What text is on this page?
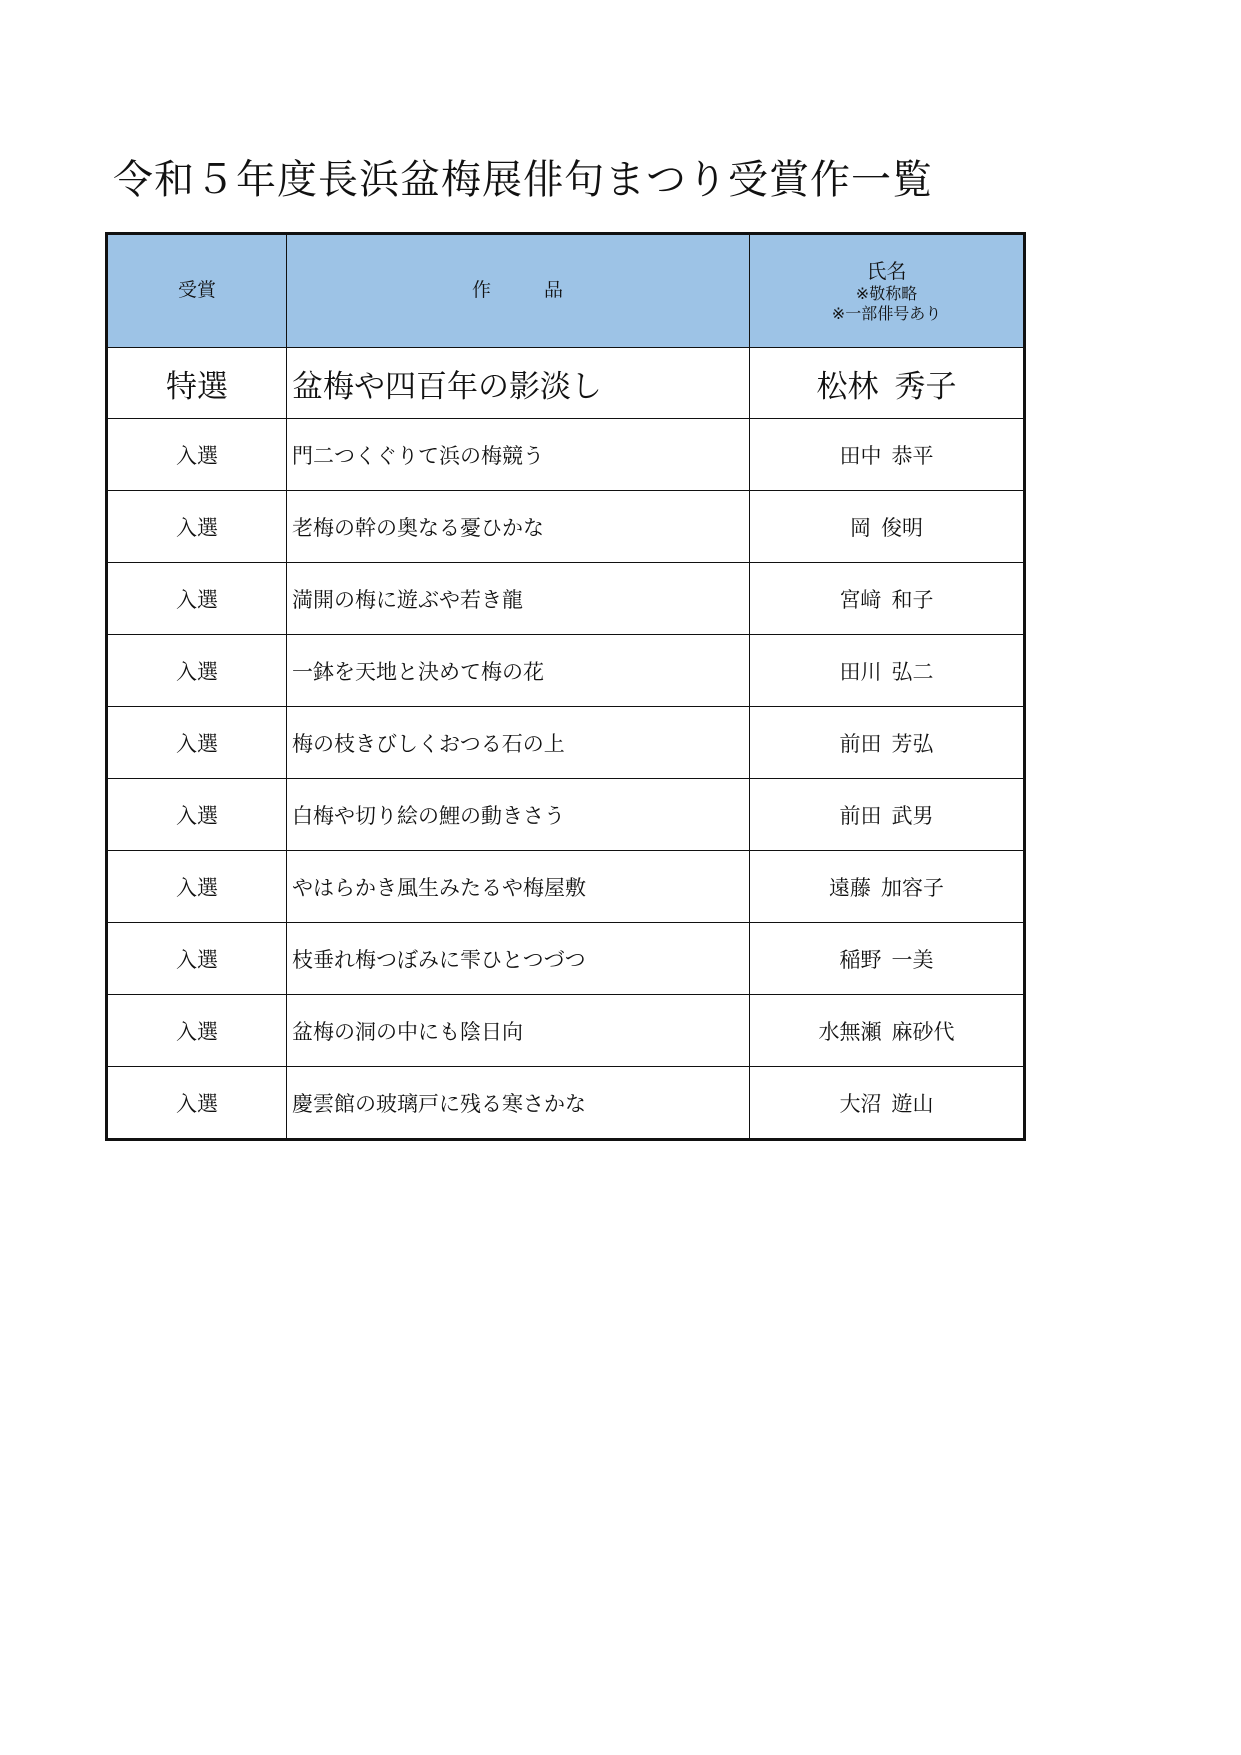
令和５年度長浜盆梅展俳句まつり受賞作一覧
受賞	作 品	氏名
※敬称略
※一部俳号あり

特選	盆梅や四百年の影淡し	松林 秀子
入選	門二つくぐりて浜の梅競う	田中 恭平
入選	老梅の幹の奥なる憂ひかな	岡 俊明
入選	満開の梅に遊ぶや若き龍	宮﨑 和子
入選	一鉢を天地と決めて梅の花	田川 弘二
入選	梅の枝きびしくおつる石の上	前田 芳弘
入選	白梅や切り絵の鯉の動きさう	前田 武男
入選	やはらかき風生みたるや梅屋敷	遠藤 加容子
入選	枝垂れ梅つぼみに雫ひとつづつ	稲野 一美
入選	盆梅の洞の中にも陰日向	水無瀬 麻砂代
入選	慶雲館の玻璃戸に残る寒さかな	大沼 遊山
